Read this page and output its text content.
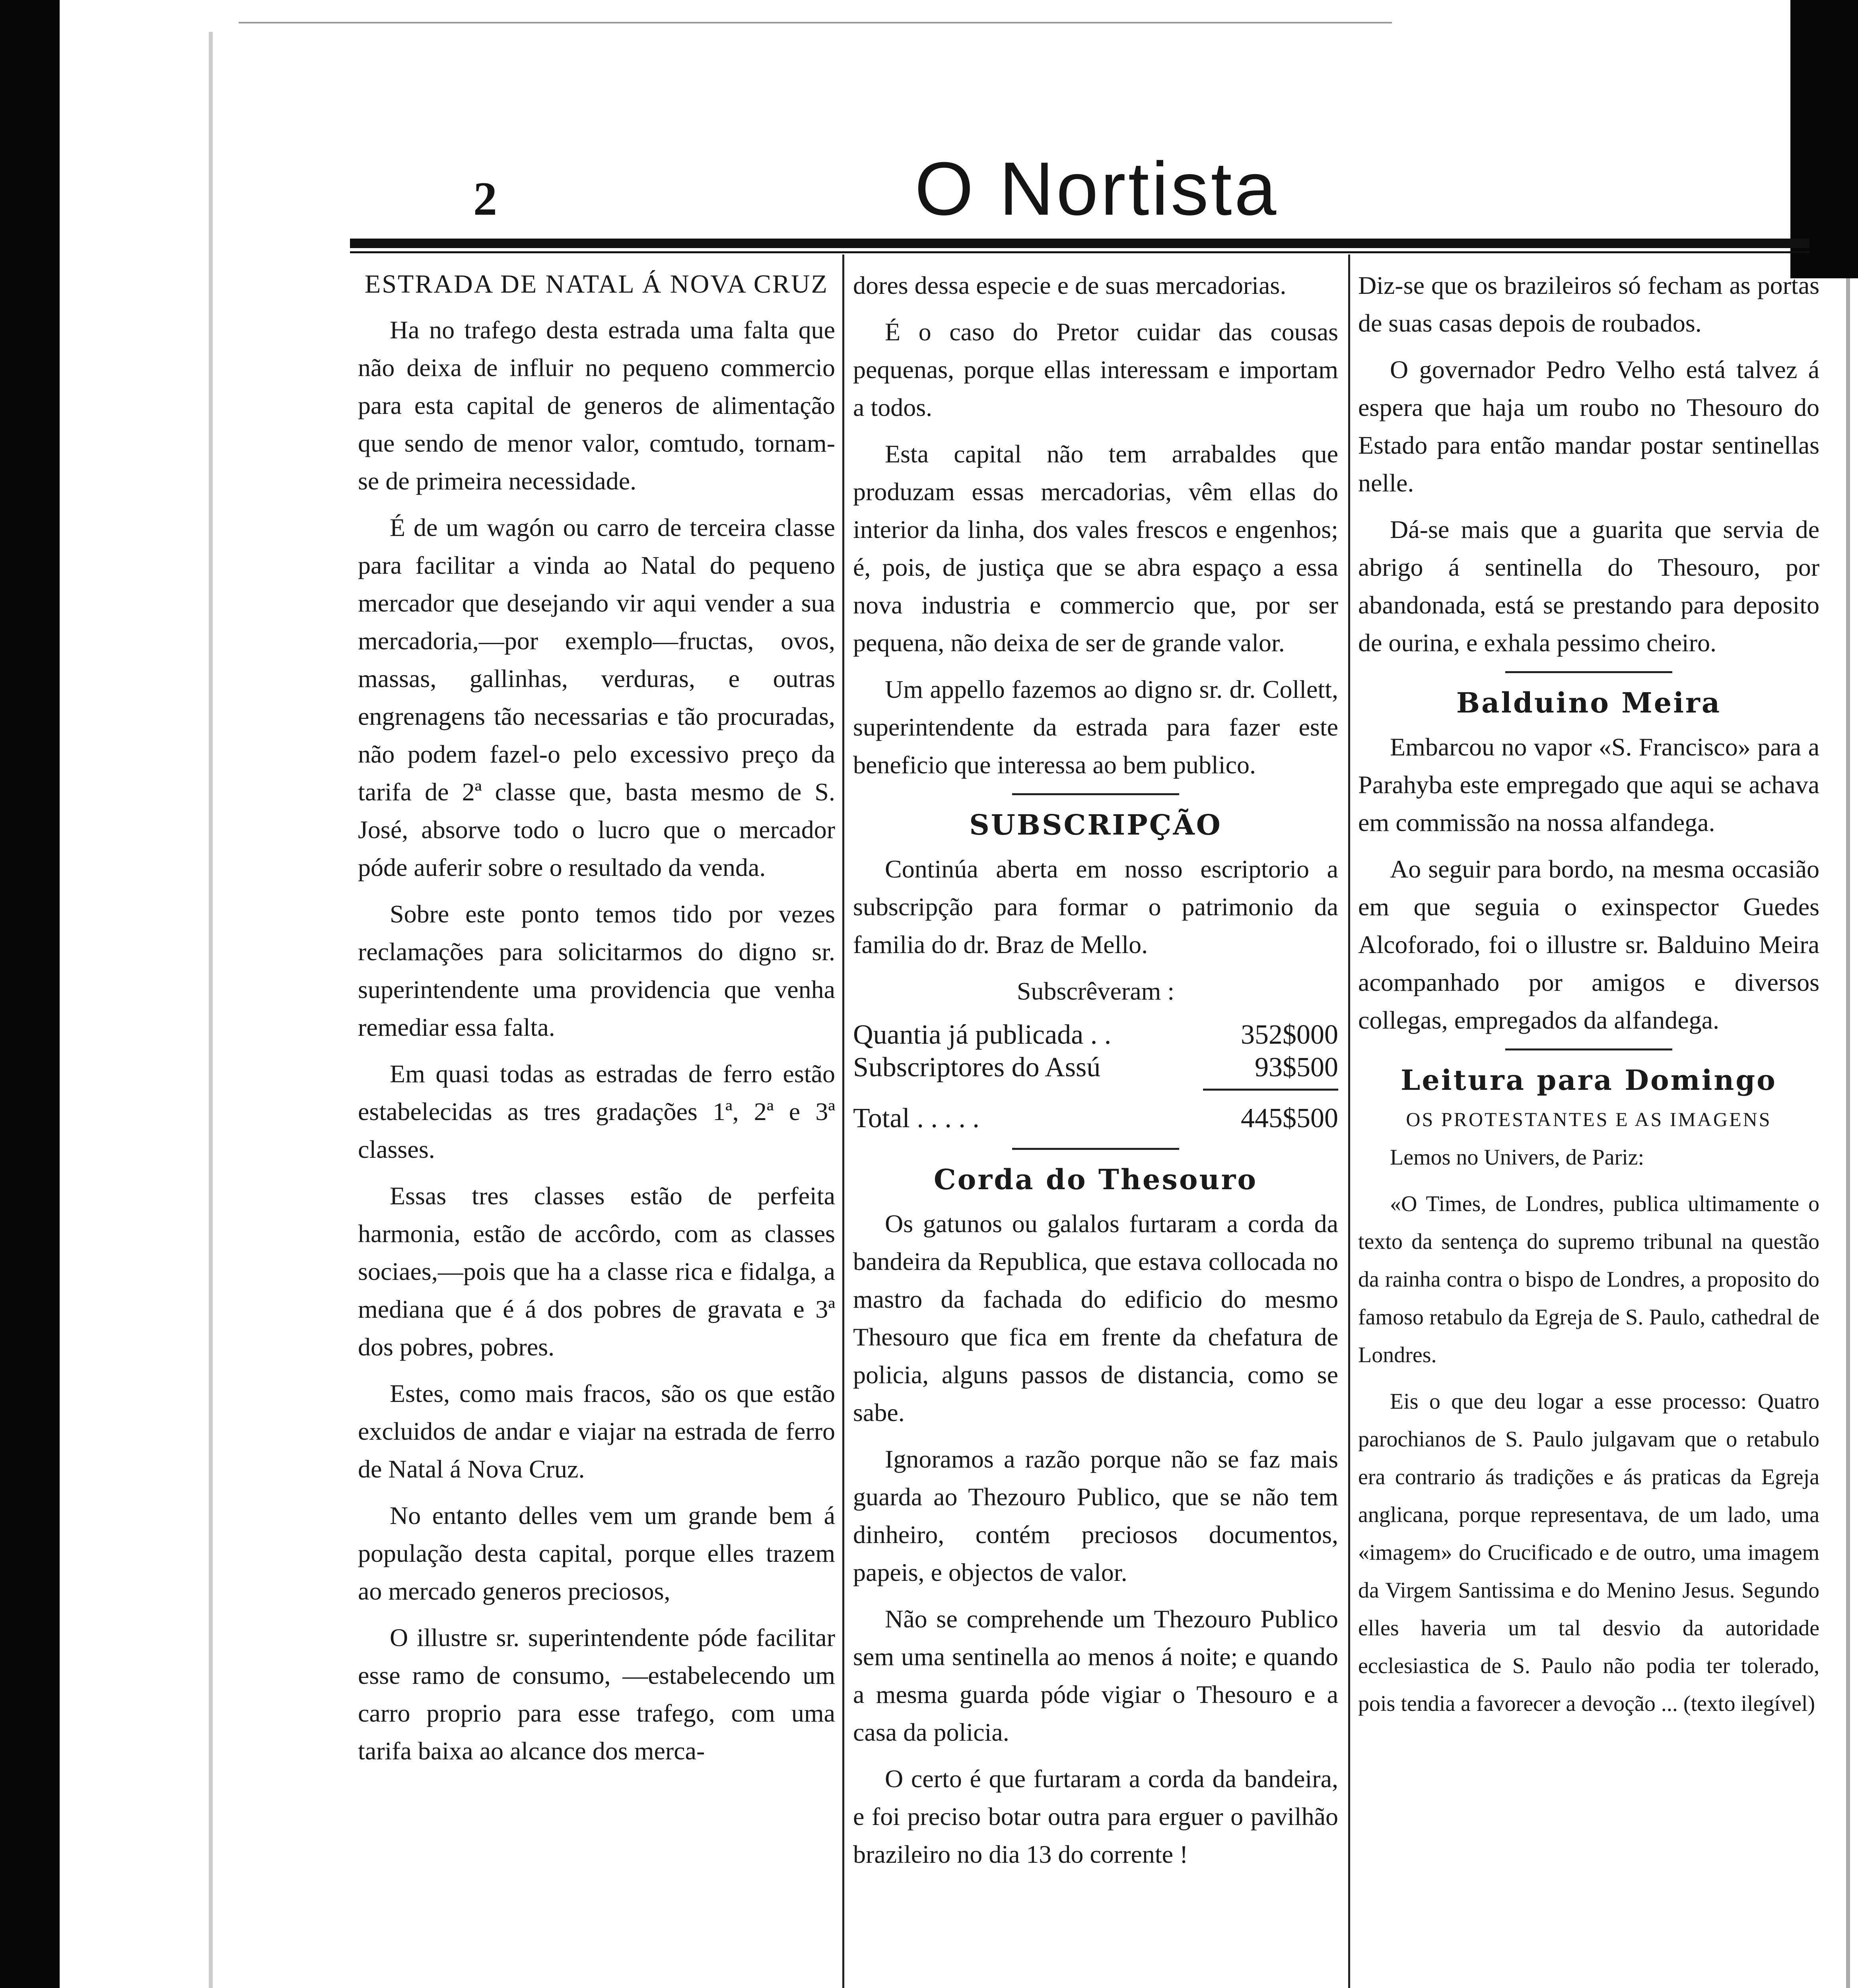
2	O Nortista
ESTRADA DE NATAL Á NOVA CRUZ

Ha no trafego desta estrada uma falta que não deixa de influir no pequeno commercio para esta capital de generos de alimentação que sendo de menor valor, comtudo, tornam-se de primeira necessidade.

É de um wagón ou carro de terceira classe para facilitar a vinda ao Natal do pequeno mercador que desejando vir aqui vender a sua mercadoria,—por exemplo—fructas, ovos, massas, gallinhas, verduras, e outras engrenagens tão necessarias e tão procuradas, não podem fazel-o pelo excessivo preço da tarifa de 2ª classe que, basta mesmo de S. José, absorve todo o lucro que o mercador póde auferir sobre o resultado da venda.

Sobre este ponto temos tido por vezes reclamações para solicitarmos do digno sr. superintendente uma providencia que venha remediar essa falta.

Em quasi todas as estradas de ferro estão estabelecidas as tres gradações 1ª, 2ª e 3ª classes.

Essas tres classes estão de perfeita harmonia, estão de accôrdo, com as classes sociaes,—pois que ha a classe rica e fidalga, a mediana que é á dos pobres de gravata e 3ª dos pobres, pobres.

Estes, como mais fracos, são os que estão excluidos de andar e viajar na estrada de ferro de Natal á Nova Cruz.

No entanto delles vem um grande bem á população desta capital, porque elles trazem ao mercado generos preciosos,

O illustre sr. superintendente póde facilitar esse ramo de consumo, —estabelecendo um carro proprio para esse trafego, com uma tarifa baixa ao alcance dos merca-

dores dessa especie e de suas mercadorias.

É o caso do Pretor cuidar das cousas pequenas, porque ellas interessam e importam a todos.

Esta capital não tem arrabaldes que produzam essas mercadorias, vêm ellas do interior da linha, dos vales frescos e engenhos; é, pois, de justiça que se abra espaço a essa nova industria e commercio que, por ser pequena, não deixa de ser de grande valor.

Um appello fazemos ao digno sr. dr. Collett, superintendente da estrada para fazer este beneficio que interessa ao bem publico.

SUBSCRIPÇÃO

Continúa aberta em nosso escriptorio a subscripção para formar o patrimonio da familia do dr. Braz de Mello.

Subscrêveram :

Quantia já publicada . .	352$000
Subscriptores do Assú	93$500
Total . . . . .	445$500
Corda do Thesouro

Os gatunos ou galalos furtaram a corda da bandeira da Republica, que estava collocada no mastro da fachada do edificio do mesmo Thesouro que fica em frente da chefatura de policia, alguns passos de distancia, como se sabe.

Ignoramos a razão porque não se faz mais guarda ao Thezouro Publico, que se não tem dinheiro, contém preciosos documentos, papeis, e objectos de valor.

Não se comprehende um Thezouro Publico sem uma sentinella ao menos á noite; e quando a mesma guarda póde vigiar o Thesouro e a casa da policia.

O certo é que furtaram a corda da bandeira, e foi preciso botar outra para erguer o pavilhão brazileiro no dia 13 do corrente !

Diz-se que os brazileiros só fecham as portas de suas casas depois de roubados.

O governador Pedro Velho está talvez á espera que haja um roubo no Thesouro do Estado para então mandar postar sentinellas nelle.

Dá-se mais que a guarita que servia de abrigo á sentinella do Thesouro, por abandonada, está se prestando para deposito de ourina, e exhala pessimo cheiro.

Balduino Meira

Embarcou no vapor «S. Francisco» para a Parahyba este empregado que aqui se achava em commissão na nossa alfandega.

Ao seguir para bordo, na mesma occasião em que seguia o exinspector Guedes Alcoforado, foi o illustre sr. Balduino Meira acompanhado por amigos e diversos collegas, empregados da alfandega.

Leitura para Domingo
OS PROTESTANTES E AS IMAGENS

Lemos no Univers, de Pariz:

«O Times, de Londres, publica ultimamente o texto da sentença do supremo tribunal na questão da rainha contra o bispo de Londres, a proposito do famoso retabulo da Egreja de S. Paulo, cathedral de Londres.

Eis o que deu logar a esse processo: Quatro parochianos de S. Paulo julgavam que o retabulo era contrario ás tradições e ás praticas da Egreja anglicana, porque representava, de um lado, uma «imagem» do Crucificado e de outro, uma imagem da Virgem Santissima e do Menino Jesus. Segundo elles haveria um tal desvio da autoridade ecclesiastica de S. Paulo não podia ter tolerado, pois tendia a favorecer a devoção ... (texto ilegível)
